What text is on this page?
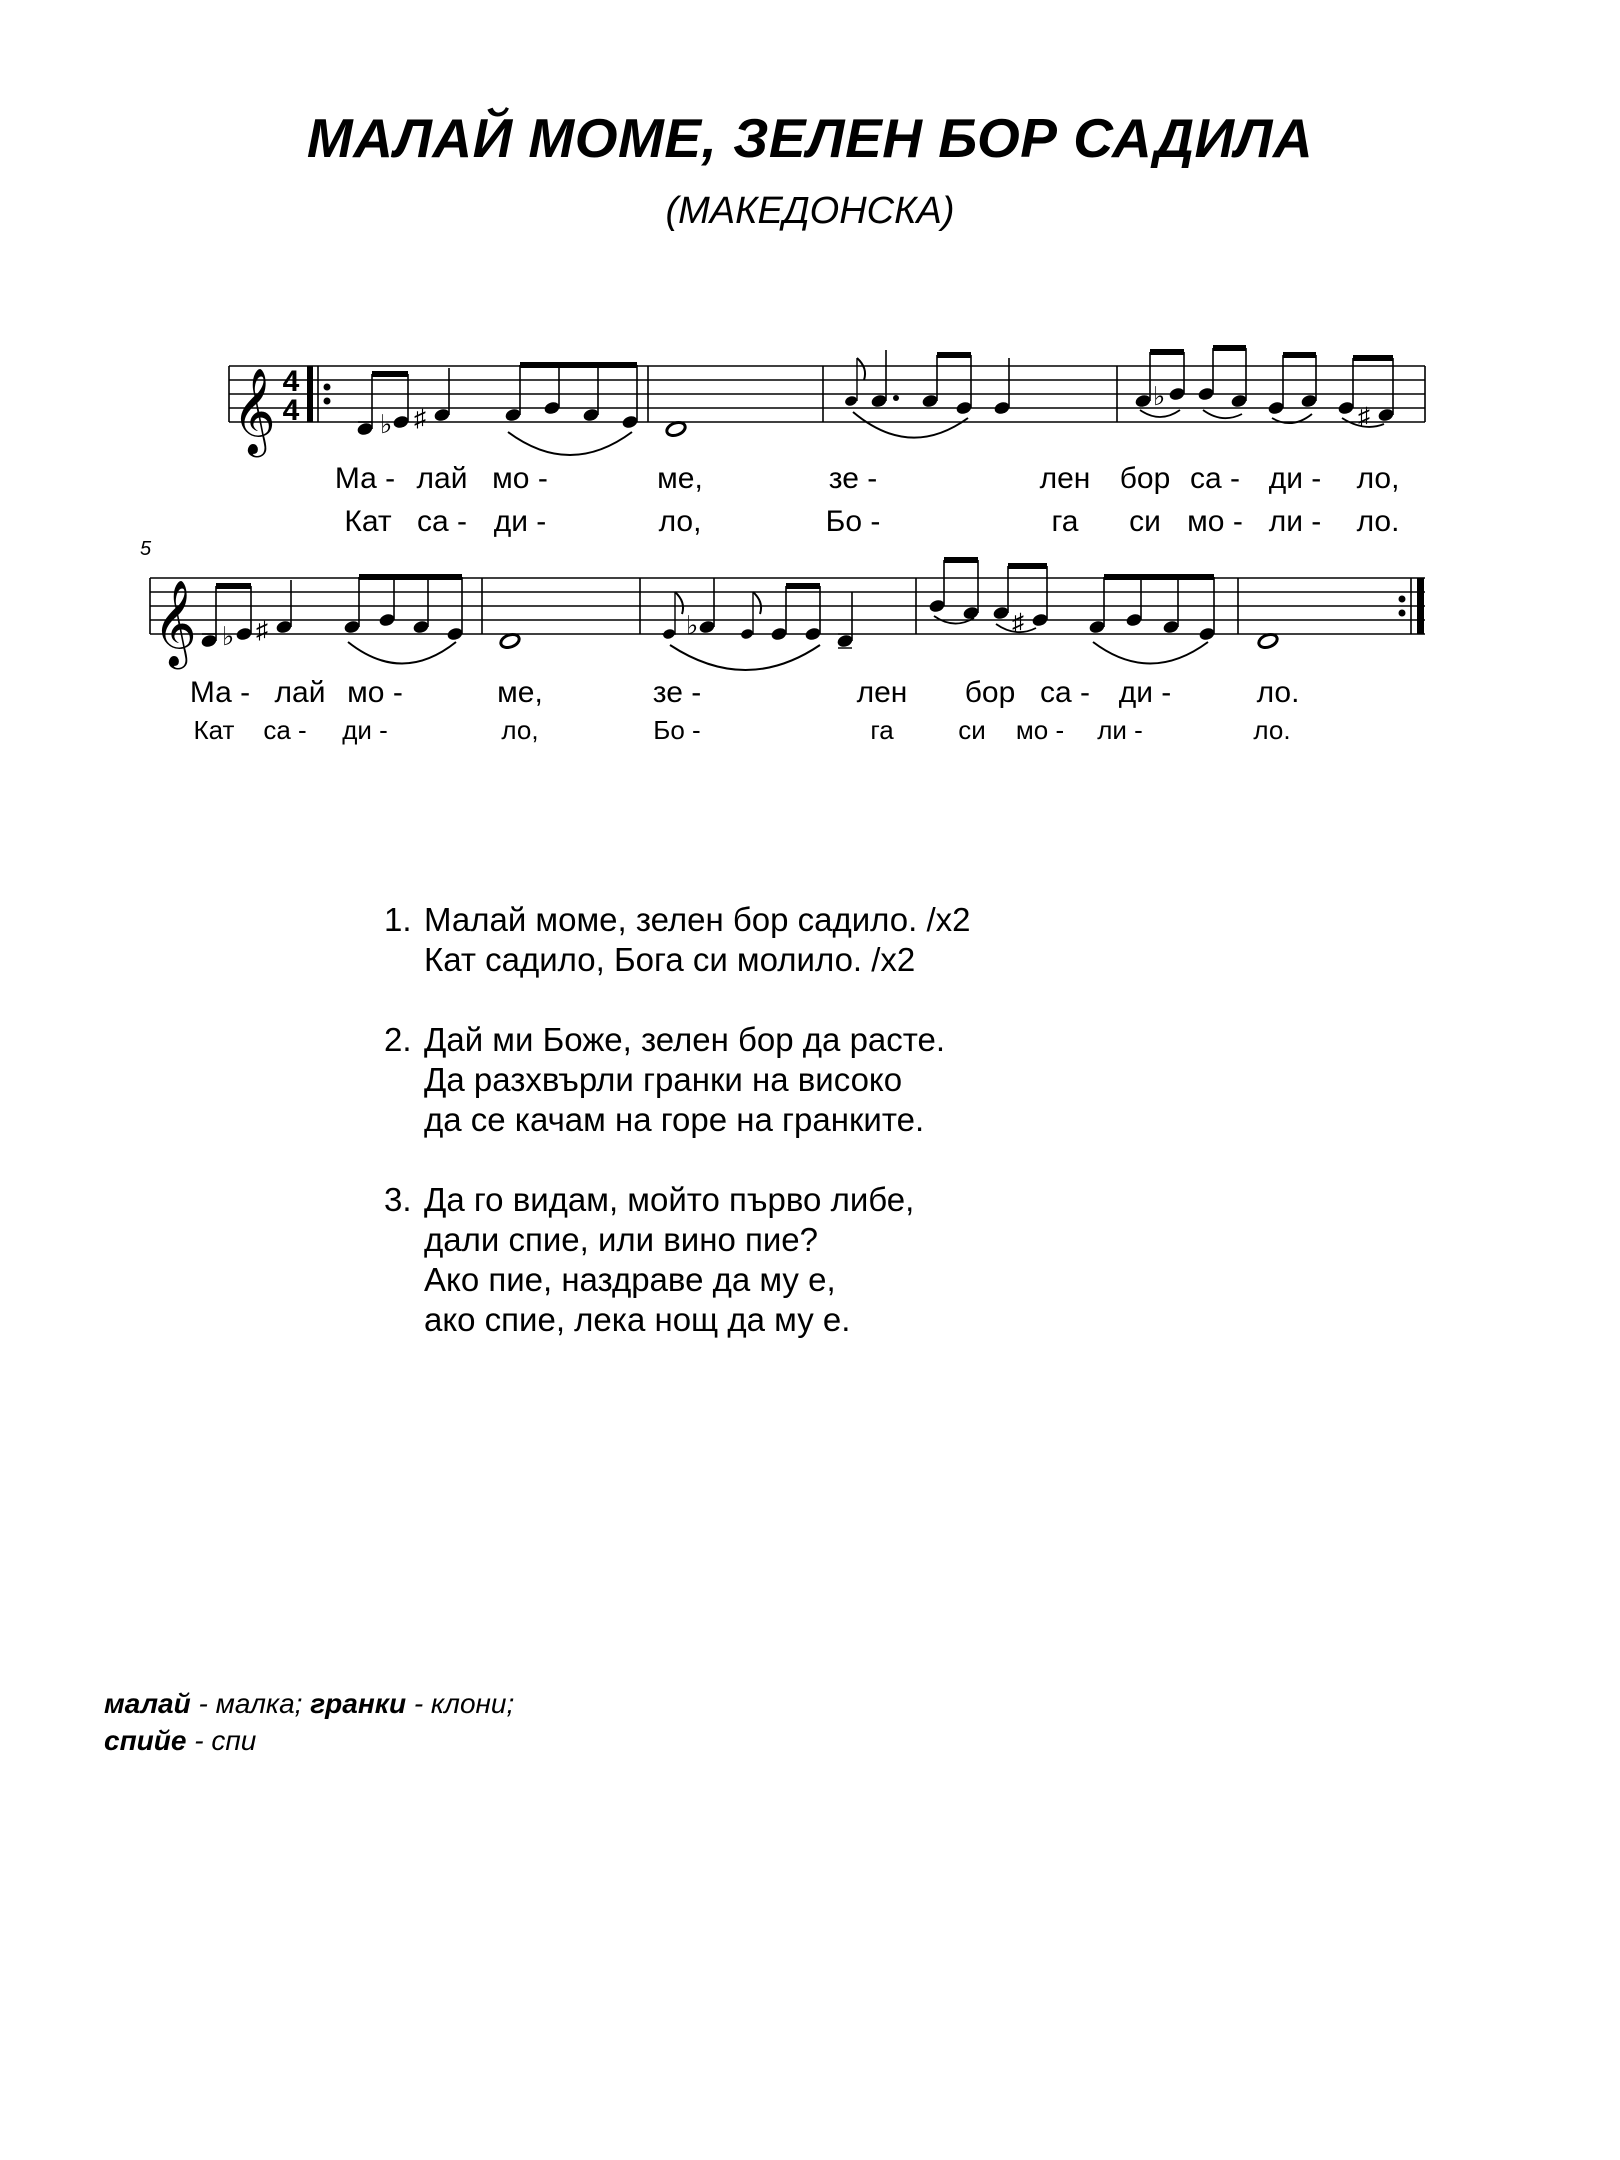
МАЛАЙ МОМЕ, ЗЕЛЕН БОР САДИЛА
(МАКЕДОНСКА)
𝄞 4
4	♭ ♯
♭
♯
Ма - лай мо -	ме,	зе -	лен бор са - ди - ло,
Кат са - ди -	ло,	Бо -	га си мо - ли - ло.
5
𝄞 ♭ ♯	♭	♯
Ма - лай мо -	ме,	зе -	лен бор са - ди -	ло.
Кат са - ди -	ло,	Бо -	га си мо - ли -	ло.
1. Малай моме, зелен бор садило. /x2
Кат садило, Бога си молило. /x2
2. Дай ми Боже, зелен бор да расте.
Да разхвърли гранки на високо
да се качам на горе на гранките.
3. Да го видам, мойто първо либе,
дали спие, или вино пие?
Ако пие, наздраве да му е,
ако спие, лека нощ да му е.
малай - малка; гранки - клони;
спийе - спи
